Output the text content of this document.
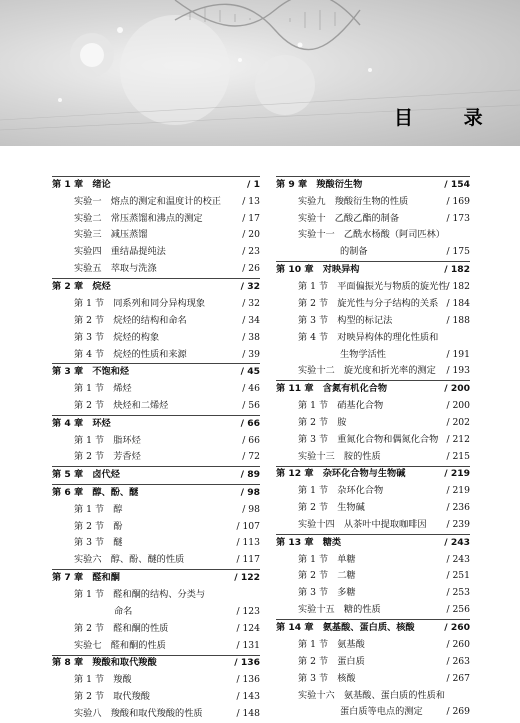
目 录
第 1 章　绪论	/ 1
实验一　熔点的测定和温度计的校正 / 13
实验二　常压蒸馏和沸点的测定	/ 17
实验三　减压蒸馏	/ 20
实验四　重结晶提纯法	/ 23
实验五　萃取与洗涤	/ 26
第 2 章　烷烃	/ 32
第 1 节　同系列和同分异构现象	/ 32
第 2 节　烷烃的结构和命名	/ 34
第 3 节　烷烃的构象	/ 38
第 4 节　烷烃的性质和来源	/ 39
第 3 章　不饱和烃	/ 45
第 1 节　烯烃	/ 46
第 2 节　炔烃和二烯烃	/ 56
第 4 章　环烃	/ 66
第 1 节　脂环烃	/ 66
第 2 节　芳香烃	/ 72
第 5 章　卤代烃	/ 89
第 6 章　醇、酚、醚	/ 98
第 1 节　醇	/ 98
第 2 节　酚	/ 107
第 3 节　醚	/ 113
实验六　醇、酚、醚的性质	/ 117
第 7 章　醛和酮	/ 122
第 1 节　醛和酮的结构、分类与
命名	/ 123
第 2 节　醛和酮的性质	/ 124
实验七　醛和酮的性质	/ 131
第 8 章　羧酸和取代羧酸	/ 136
第 1 节　羧酸	/ 136
第 2 节　取代羧酸	/ 143
实验八　羧酸和取代羧酸的性质	/ 148
第 9 章　羧酸衍生物	/ 154
实验九　羧酸衍生物的性质	/ 169
实验十　乙酸乙酯的制备	/ 173
实验十一　乙酰水杨酸（阿司匹林）
的制备	/ 175
第 10 章　对映异构	/ 182
第 1 节　平面偏振光与物质的旋光性
/ 182
第 2 节　旋光性与分子结构的关系 / 184
第 3 节　构型的标记法	/ 188
第 4 节　对映异构体的理化性质和
生物学活性	/ 191
实验十二　旋光度和折光率的测定 / 193
第 11 章　含氮有机化合物	/ 200
第 1 节　硝基化合物	/ 200
第 2 节　胺	/ 202
第 3 节　重氮化合物和偶氮化合物 / 212
实验十三　胺的性质	/ 215
第 12 章　杂环化合物与生物碱	/ 219
第 1 节　杂环化合物	/ 219
第 2 节　生物碱	/ 236
实验十四　从茶叶中提取咖啡因 / 239
第 13 章　糖类	/ 243
第 1 节　单糖	/ 243
第 2 节　二糖	/ 251
第 3 节　多糖	/ 253
实验十五　糖的性质	/ 256
第 14 章　氨基酸、蛋白质、核酸	/ 260
第 1 节　氨基酸	/ 260
第 2 节　蛋白质	/ 263
第 3 节　核酸	/ 267
实验十六　氨基酸、蛋白质的性质和
蛋白质等电点的测定	/ 269
